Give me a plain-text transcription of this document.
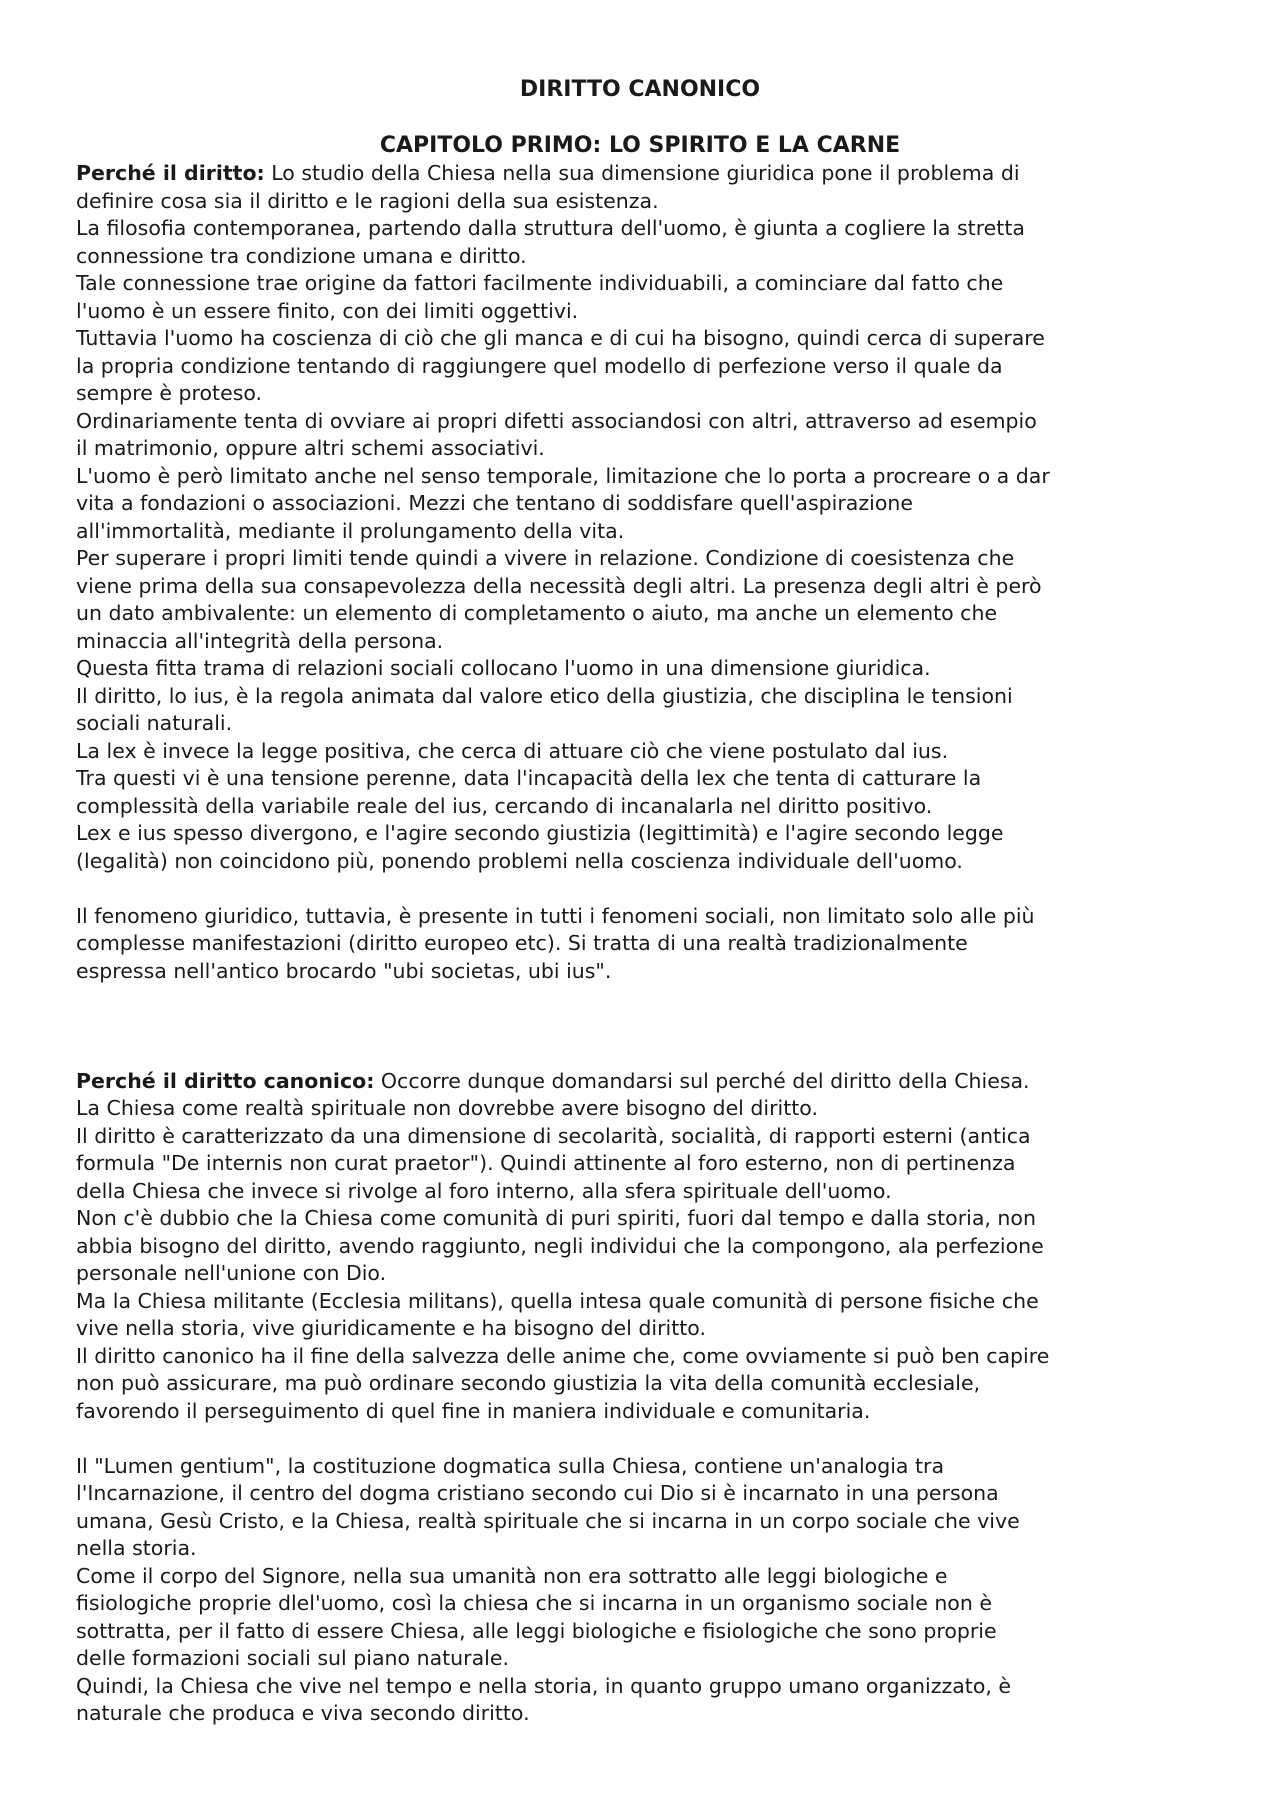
DIRITTO CANONICO
CAPITOLO PRIMO: LO SPIRITO E LA CARNE
Perché il diritto: Lo studio della Chiesa nella sua dimensione giuridica pone il problema di
definire cosa sia il diritto e le ragioni della sua esistenza.
La filosofia contemporanea, partendo dalla struttura dell'uomo, è giunta a cogliere la stretta
connessione tra condizione umana e diritto.
Tale connessione trae origine da fattori facilmente individuabili, a cominciare dal fatto che
l'uomo è un essere finito, con dei limiti oggettivi.
Tuttavia l'uomo ha coscienza di ciò che gli manca e di cui ha bisogno, quindi cerca di superare
la propria condizione tentando di raggiungere quel modello di perfezione verso il quale da
sempre è proteso.
Ordinariamente tenta di ovviare ai propri difetti associandosi con altri, attraverso ad esempio
il matrimonio, oppure altri schemi associativi.
L'uomo è però limitato anche nel senso temporale, limitazione che lo porta a procreare o a dar
vita a fondazioni o associazioni. Mezzi che tentano di soddisfare quell'aspirazione
all'immortalità, mediante il prolungamento della vita.
Per superare i propri limiti tende quindi a vivere in relazione. Condizione di coesistenza che
viene prima della sua consapevolezza della necessità degli altri. La presenza degli altri è però
un dato ambivalente: un elemento di completamento o aiuto, ma anche un elemento che
minaccia all'integrità della persona.
Questa fitta trama di relazioni sociali collocano l'uomo in una dimensione giuridica.
Il diritto, lo ius, è la regola animata dal valore etico della giustizia, che disciplina le tensioni
sociali naturali.
La lex è invece la legge positiva, che cerca di attuare ciò che viene postulato dal ius.
Tra questi vi è una tensione perenne, data l'incapacità della lex che tenta di catturare la
complessità della variabile reale del ius, cercando di incanalarla nel diritto positivo.
Lex e ius spesso divergono, e l'agire secondo giustizia (legittimità) e l'agire secondo legge
(legalità) non coincidono più, ponendo problemi nella coscienza individuale dell'uomo.
Il fenomeno giuridico, tuttavia, è presente in tutti i fenomeni sociali, non limitato solo alle più
complesse manifestazioni (diritto europeo etc). Si tratta di una realtà tradizionalmente
espressa nell'antico brocardo "ubi societas, ubi ius".
Perché il diritto canonico: Occorre dunque domandarsi sul perché del diritto della Chiesa.
La Chiesa come realtà spirituale non dovrebbe avere bisogno del diritto.
Il diritto è caratterizzato da una dimensione di secolarità, socialità, di rapporti esterni (antica
formula "De internis non curat praetor"). Quindi attinente al foro esterno, non di pertinenza
della Chiesa che invece si rivolge al foro interno, alla sfera spirituale dell'uomo.
Non c'è dubbio che la Chiesa come comunità di puri spiriti, fuori dal tempo e dalla storia, non
abbia bisogno del diritto, avendo raggiunto, negli individui che la compongono, ala perfezione
personale nell'unione con Dio.
Ma la Chiesa militante (Ecclesia militans), quella intesa quale comunità di persone fisiche che
vive nella storia, vive giuridicamente e ha bisogno del diritto.
Il diritto canonico ha il fine della salvezza delle anime che, come ovviamente si può ben capire
non può assicurare, ma può ordinare secondo giustizia la vita della comunità ecclesiale,
favorendo il perseguimento di quel fine in maniera individuale e comunitaria.
Il "Lumen gentium", la costituzione dogmatica sulla Chiesa, contiene un'analogia tra
l'Incarnazione, il centro del dogma cristiano secondo cui Dio si è incarnato in una persona
umana, Gesù Cristo, e la Chiesa, realtà spirituale che si incarna in un corpo sociale che vive
nella storia.
Come il corpo del Signore, nella sua umanità non era sottratto alle leggi biologiche e
fisiologiche proprie dlel'uomo, così la chiesa che si incarna in un organismo sociale non è
sottratta, per il fatto di essere Chiesa, alle leggi biologiche e fisiologiche che sono proprie
delle formazioni sociali sul piano naturale.
Quindi, la Chiesa che vive nel tempo e nella storia, in quanto gruppo umano organizzato, è
naturale che produca e viva secondo diritto.
